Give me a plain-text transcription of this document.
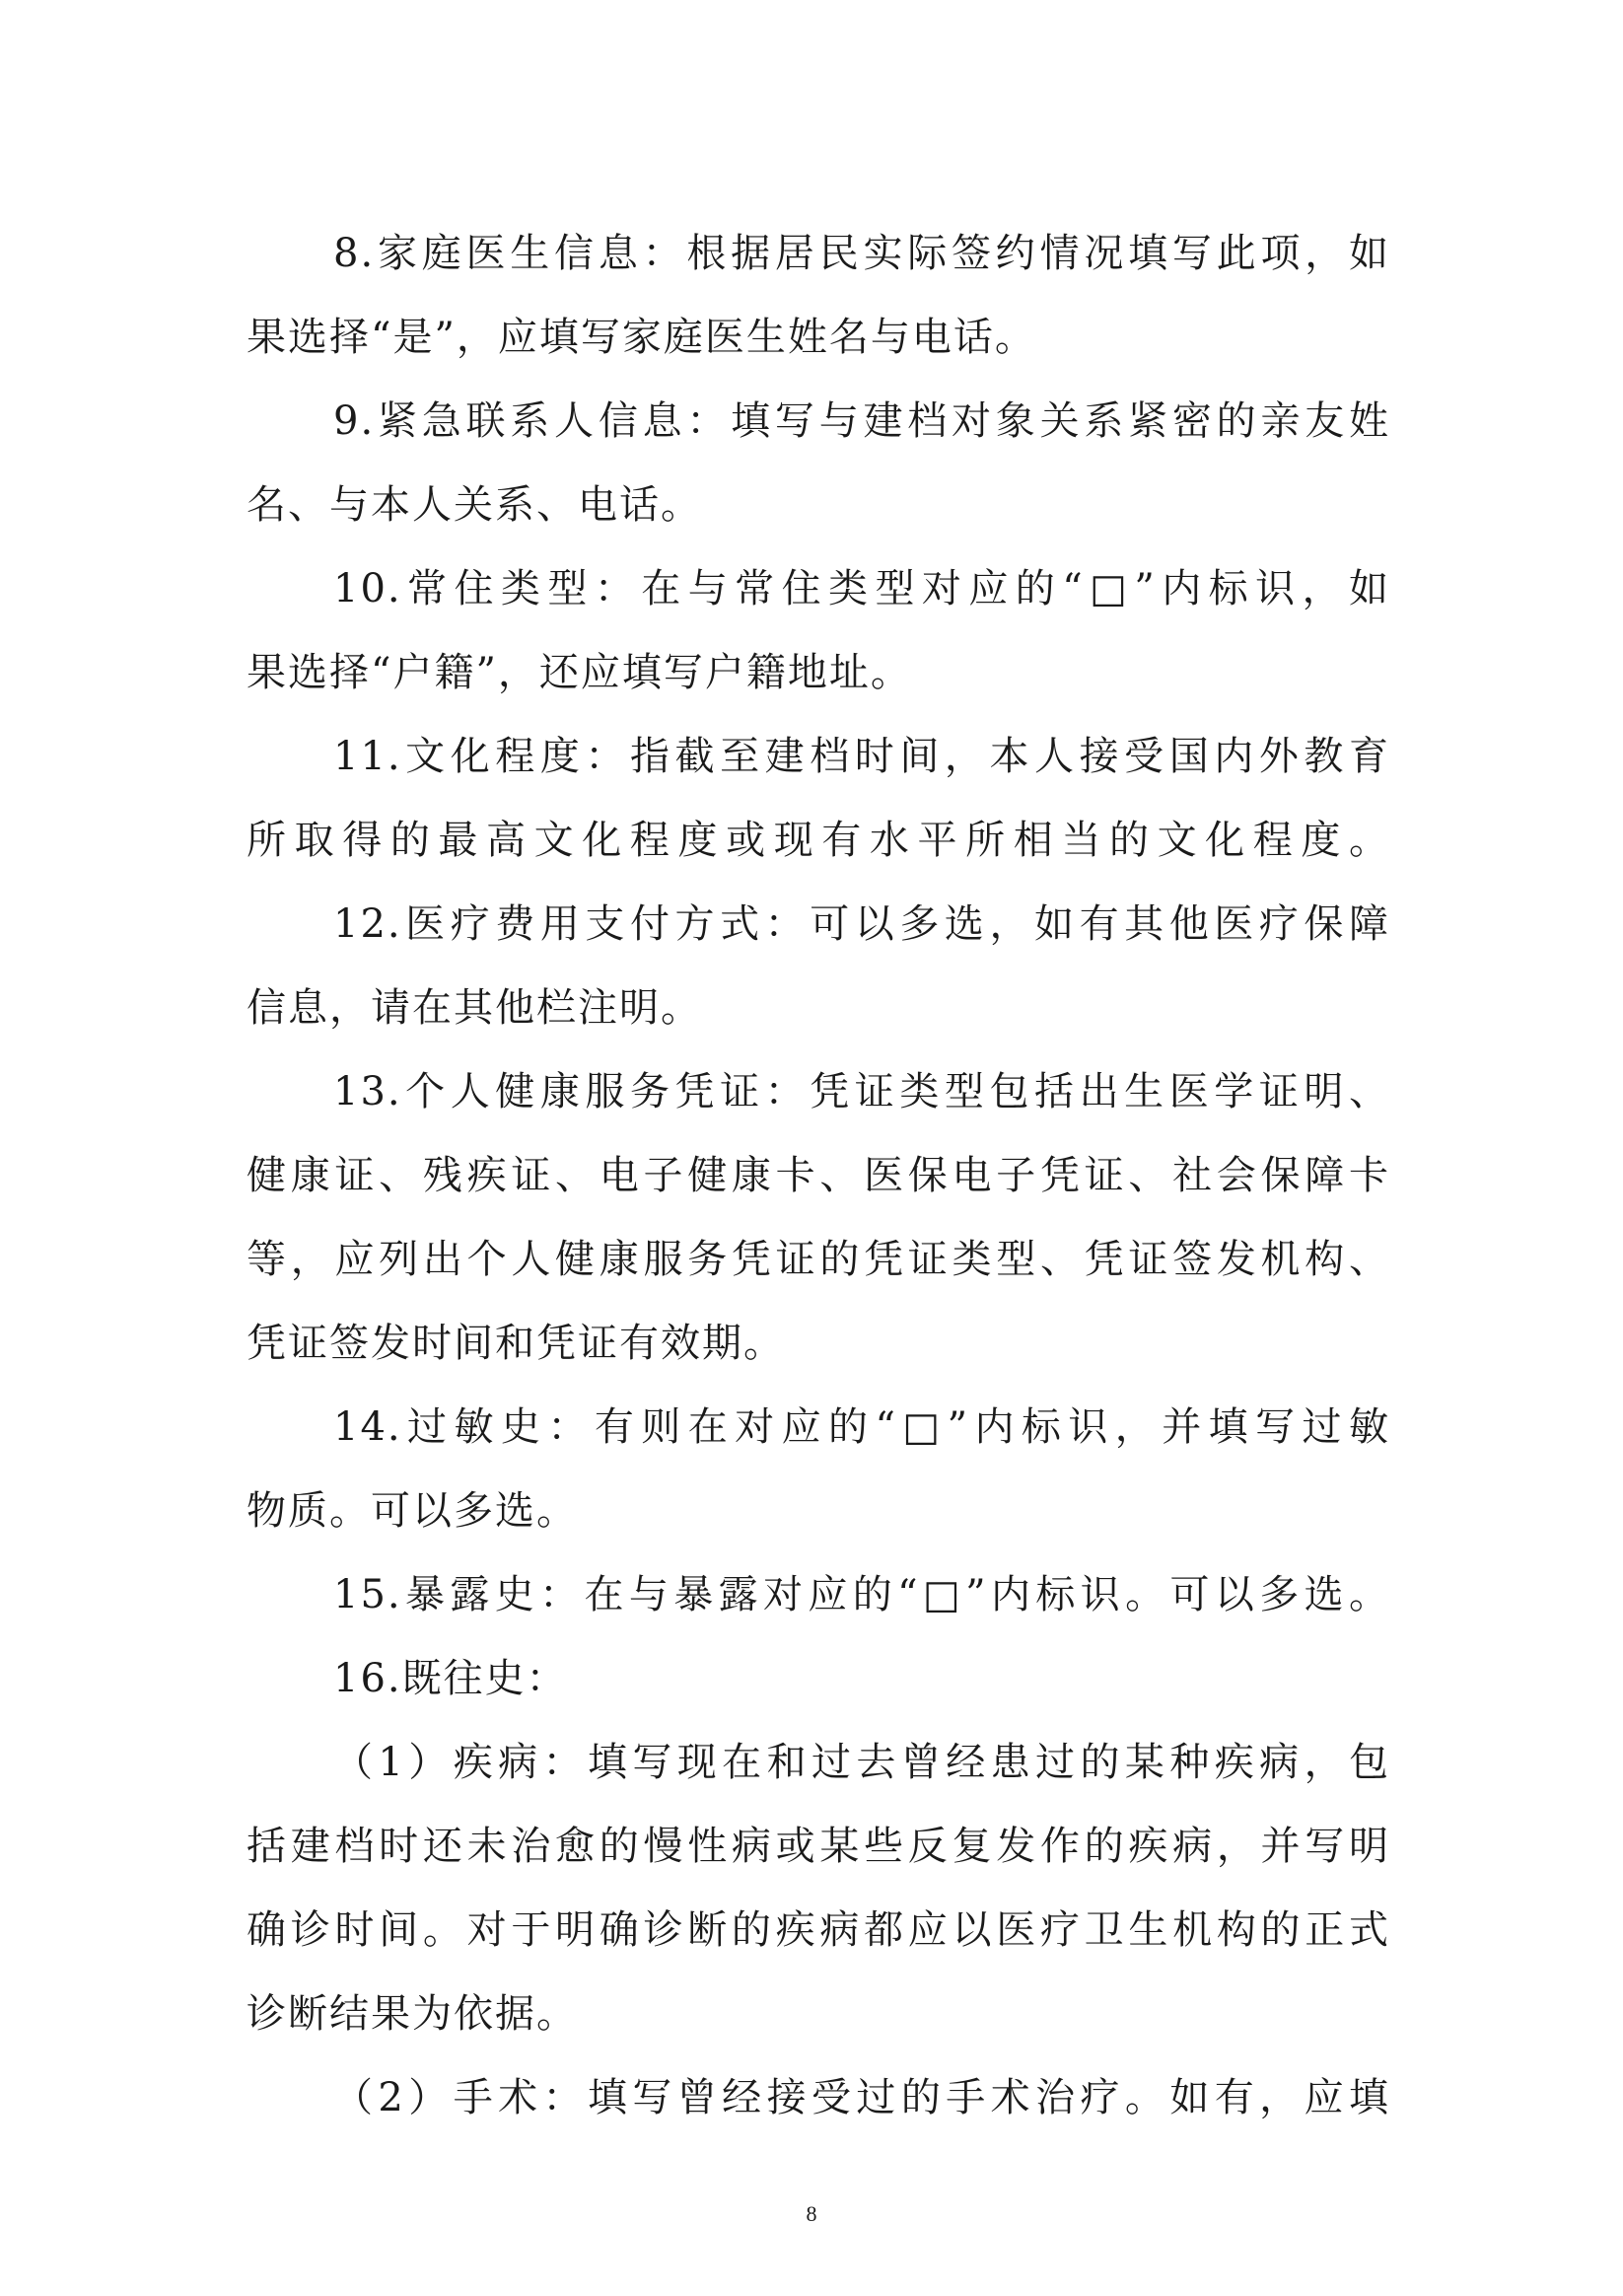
8.家庭医生信息：根据居民实际签约情况填写此项，如
果选择“是”，应填写家庭医生姓名与电话。
9.紧急联系人信息：填写与建档对象关系紧密的亲友姓
名、与本人关系、电话。
10.常住类型：在与常住类型对应的“□”内标识，如
果选择“户籍”，还应填写户籍地址。
11.文化程度：指截至建档时间，本人接受国内外教育
所取得的最高文化程度或现有水平所相当的文化程度。
12.医疗费用支付方式：可以多选，如有其他医疗保障
信息，请在其他栏注明。
13.个人健康服务凭证：凭证类型包括出生医学证明、
健康证、残疾证、电子健康卡、医保电子凭证、社会保障卡
等，应列出个人健康服务凭证的凭证类型、凭证签发机构、
凭证签发时间和凭证有效期。
14.过敏史：有则在对应的“□”内标识，并填写过敏
物质。可以多选。
15.暴露史：在与暴露对应的“□”内标识。可以多选。
16.既往史：
（1）疾病：填写现在和过去曾经患过的某种疾病，包
括建档时还未治愈的慢性病或某些反复发作的疾病，并写明
确诊时间。对于明确诊断的疾病都应以医疗卫生机构的正式
诊断结果为依据。
（2）手术：填写曾经接受过的手术治疗。如有，应填
8
